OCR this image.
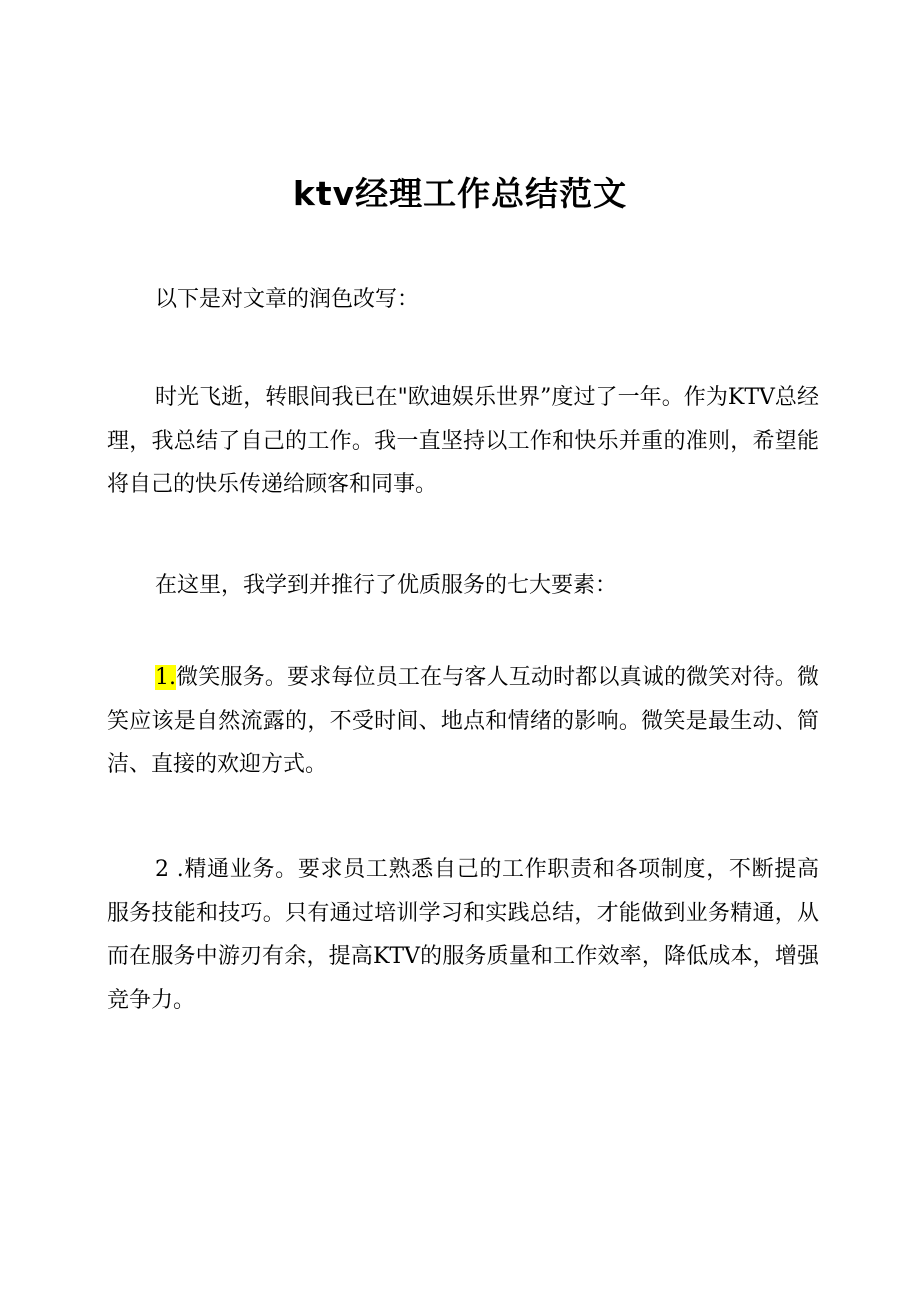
ktv经理工作总结范文

以下是对文章的润色改写：

时光飞逝，转眼间我已在"欧迪娱乐世界”度过了一年。作为KTV总经理，我总结了自己的工作。我一直坚持以工作和快乐并重的准则，希望能将自己的快乐传递给顾客和同事。

在这里，我学到并推行了优质服务的七大要素：

1.微笑服务。要求每位员工在与客人互动时都以真诚的微笑对待。微笑应该是自然流露的，不受时间、地点和情绪的影响。微笑是最生动、简洁、直接的欢迎方式。

2 .精通业务。要求员工熟悉自己的工作职责和各项制度，不断提高服务技能和技巧。只有通过培训学习和实践总结，才能做到业务精通，从而在服务中游刃有余，提高KTV的服务质量和工作效率，降低成本，增强竞争力。
